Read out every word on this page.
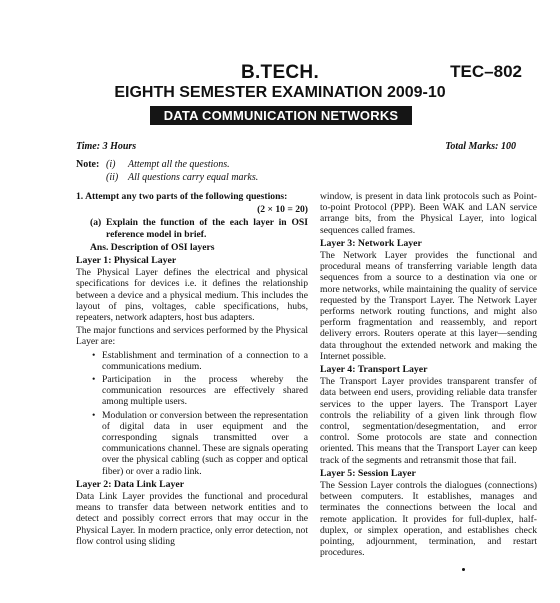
B.TECH.	TEC–802
EIGHTH SEMESTER EXAMINATION 2009-10
DATA COMMUNICATION NETWORKS
Time: 3 Hours	Total Marks: 100
Note: (i) Attempt all the questions.
(ii) All questions carry equal marks.

1. Attempt any two parts of the following questions:

(2 × 10 = 20)

(a) Explain the function of the each layer in OSI reference model in brief.

Ans. Description of OSI layers

Layer 1: Physical Layer

The Physical Layer defines the electrical and physical specifications for devices i.e. it defines the relationship between a device and a physical medium. This includes the layout of pins, voltages, cable specifications, hubs, repeaters, network adapters, host bus adapters.

The major functions and services performed by the Physical Layer are:

• Establishment and termination of a connection to a communications medium.
• Participation in the process whereby the communication resources are effectively shared among multiple users.
• Modulation or conversion between the representation of digital data in user equipment and the corresponding signals transmitted over a communications channel. These are signals operating over the physical cabling (such as copper and optical fiber) or over a radio link.
Layer 2: Data Link Layer

Data Link Layer provides the functional and procedural means to transfer data between network entities and to detect and possibly correct errors that may occur in the Physical Layer. In modern practice, only error detection, not flow control using sliding

window, is present in data link protocols such as Point-to-point Protocol (PPP). Been WAK and LAN service arrange bits, from the Physical Layer, into logical sequences called frames.

Layer 3: Network Layer

The Network Layer provides the functional and procedural means of transferring variable length data sequences from a source to a destination via one or more networks, while maintaining the quality of service requested by the Transport Layer. The Network Layer performs network routing functions, and might also perform fragmentation and reassembly, and report delivery errors. Routers operate at this layer—sending data throughout the extended network and making the Internet possible.

Layer 4: Transport Layer

The Transport Layer provides transparent transfer of data between end users, providing reliable data transfer services to the upper layers. The Transport Layer controls the reliability of a given link through flow control, segmentation/desegmentation, and error control. Some protocols are state and connection oriented. This means that the Transport Layer can keep track of the segments and retransmit those that fail.

Layer 5: Session Layer

The Session Layer controls the dialogues (connections) between computers. It establishes, manages and terminates the connections between the local and remote application. It provides for full-duplex, half-duplex, or simplex operation, and establishes check pointing, adjournment, termination, and restart procedures.
